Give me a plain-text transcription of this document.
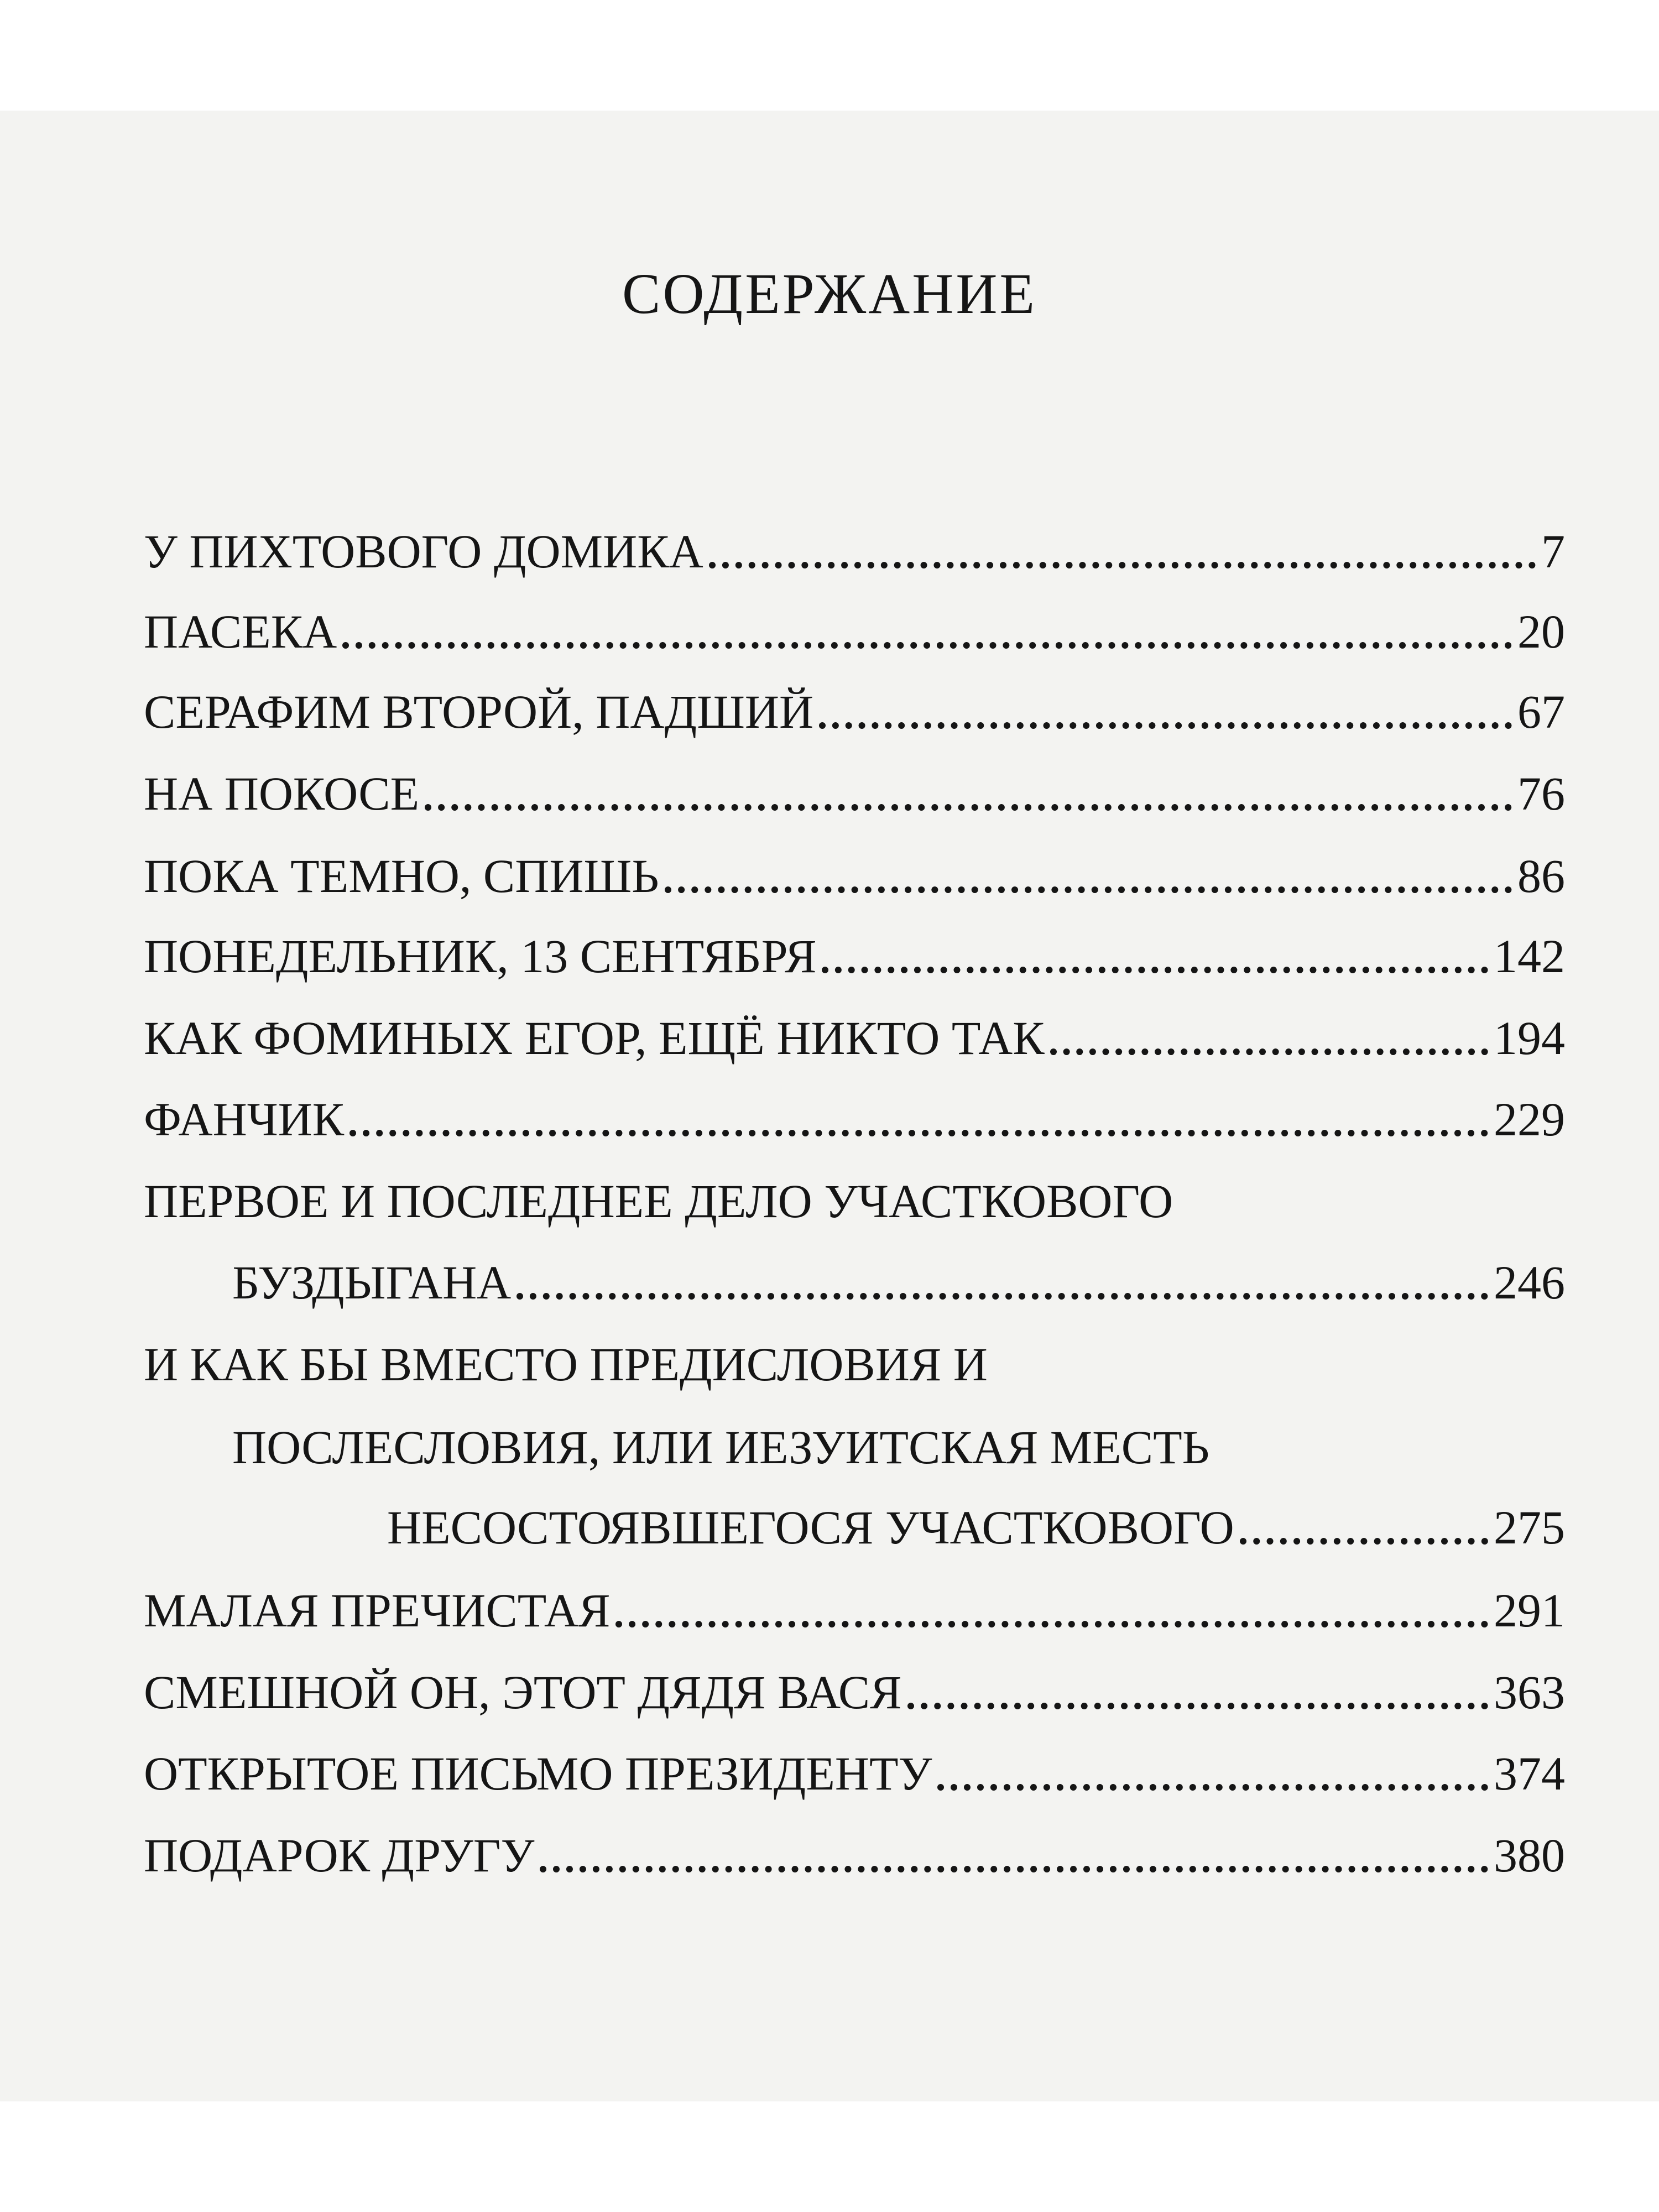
СОДЕРЖАНИЕ
У ПИХТОВОГО ДОМИКА	7
ПАСЕКА	20
СЕРАФИМ ВТОРОЙ, ПАДШИЙ	67
НА ПОКОСЕ	76
ПОКА ТЕМНО, СПИШЬ	86
ПОНЕДЕЛЬНИК, 13 СЕНТЯБРЯ	142
КАК ФОМИНЫХ ЕГОР, ЕЩЁ НИКТО ТАК	194
ФАНЧИК	229
ПЕРВОЕ И ПОСЛЕДНЕЕ ДЕЛО УЧАСТКОВОГО
БУЗДЫГАНА	246
И КАК БЫ ВМЕСТО ПРЕДИСЛОВИЯ И
ПОСЛЕСЛОВИЯ, ИЛИ ИЕЗУИТСКАЯ МЕСТЬ
НЕСОСТОЯВШЕГОСЯ УЧАСТКОВОГО	275
МАЛАЯ ПРЕЧИСТАЯ	291
СМЕШНОЙ ОН, ЭТОТ ДЯДЯ ВАСЯ	363
ОТКРЫТОЕ ПИСЬМО ПРЕЗИДЕНТУ	374
ПОДАРОК ДРУГУ	380
